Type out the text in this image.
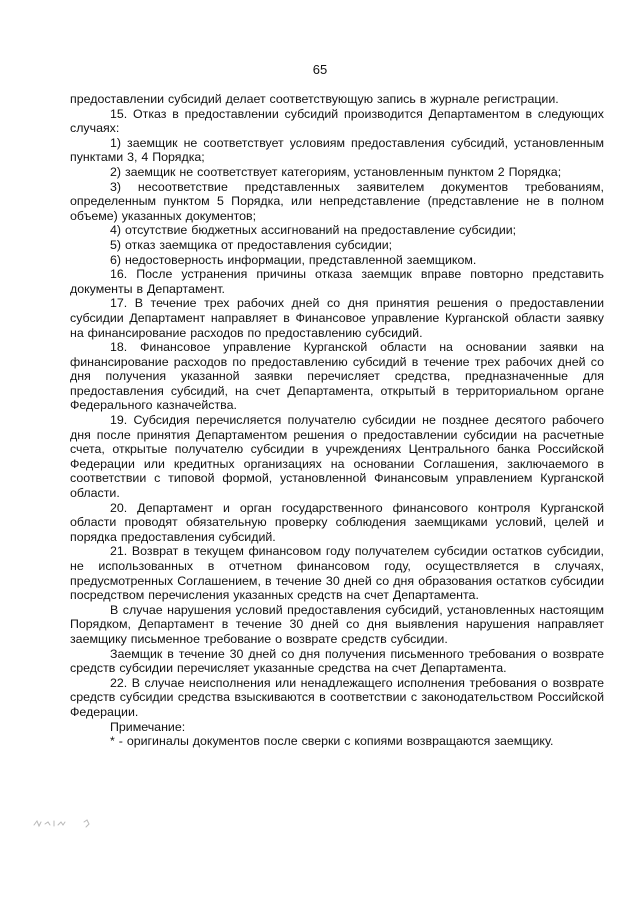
65

предоставлении субсидий делает соответствующую запись в журнале регистрации.

15. Отказ в предоставлении субсидий производится Департаментом в следующих случаях:

1) заемщик не соответствует условиям предоставления субсидий, установленным пунктами 3, 4 Порядка;

2) заемщик не соответствует категориям, установленным пунктом 2 Порядка;

3) несоответствие представленных заявителем документов требованиям, определенным пунктом 5 Порядка, или непредставление (представление не в полном объеме) указанных документов;

4) отсутствие бюджетных ассигнований на предоставление субсидии;

5) отказ заемщика от предоставления субсидии;

6) недостоверность информации, представленной заемщиком.

16. После устранения причины отказа заемщик вправе повторно представить документы в Департамент.

17. В течение трех рабочих дней со дня принятия решения о предоставлении субсидии Департамент направляет в Финансовое управление Курганской области заявку на финансирование расходов по предоставлению субсидий.

18. Финансовое управление Курганской области на основании заявки на финансирование расходов по предоставлению субсидий в течение трех рабочих дней со дня получения указанной заявки перечисляет средства, предназначенные для предоставления субсидий, на счет Департамента, открытый в территориальном органе Федерального казначейства.

19. Субсидия перечисляется получателю субсидии не позднее десятого рабочего дня после принятия Департаментом решения о предоставлении субсидии на расчетные счета, открытые получателю субсидии в учреждениях Центрального банка Российской Федерации или кредитных организациях на основании Соглашения, заключаемого в соответствии с типовой формой, установленной Финансовым управлением Курганской области.

20. Департамент и орган государственного финансового контроля Курганской области проводят обязательную проверку соблюдения заемщиками условий, целей и порядка предоставления субсидий.

21. Возврат в текущем финансовом году получателем субсидии остатков субсидии, не использованных в отчетном финансовом году, осуществляется в случаях, предусмотренных Соглашением, в течение 30 дней со дня образования остатков субсидии посредством перечисления указанных средств на счет Департамента.

В случае нарушения условий предоставления субсидий, установленных настоящим Порядком, Департамент в течение 30 дней со дня выявления нарушения направляет заемщику письменное требование о возврате средств субсидии.

Заемщик в течение 30 дней со дня получения письменного требования о возврате средств субсидии перечисляет указанные средства на счет Департамента.

22. В случае неисполнения или ненадлежащего исполнения требования о возврате средств субсидии средства взыскиваются в соответствии с законодательством Российской Федерации.

Примечание:

* - оригиналы документов после сверки с копиями возвращаются заемщику.
